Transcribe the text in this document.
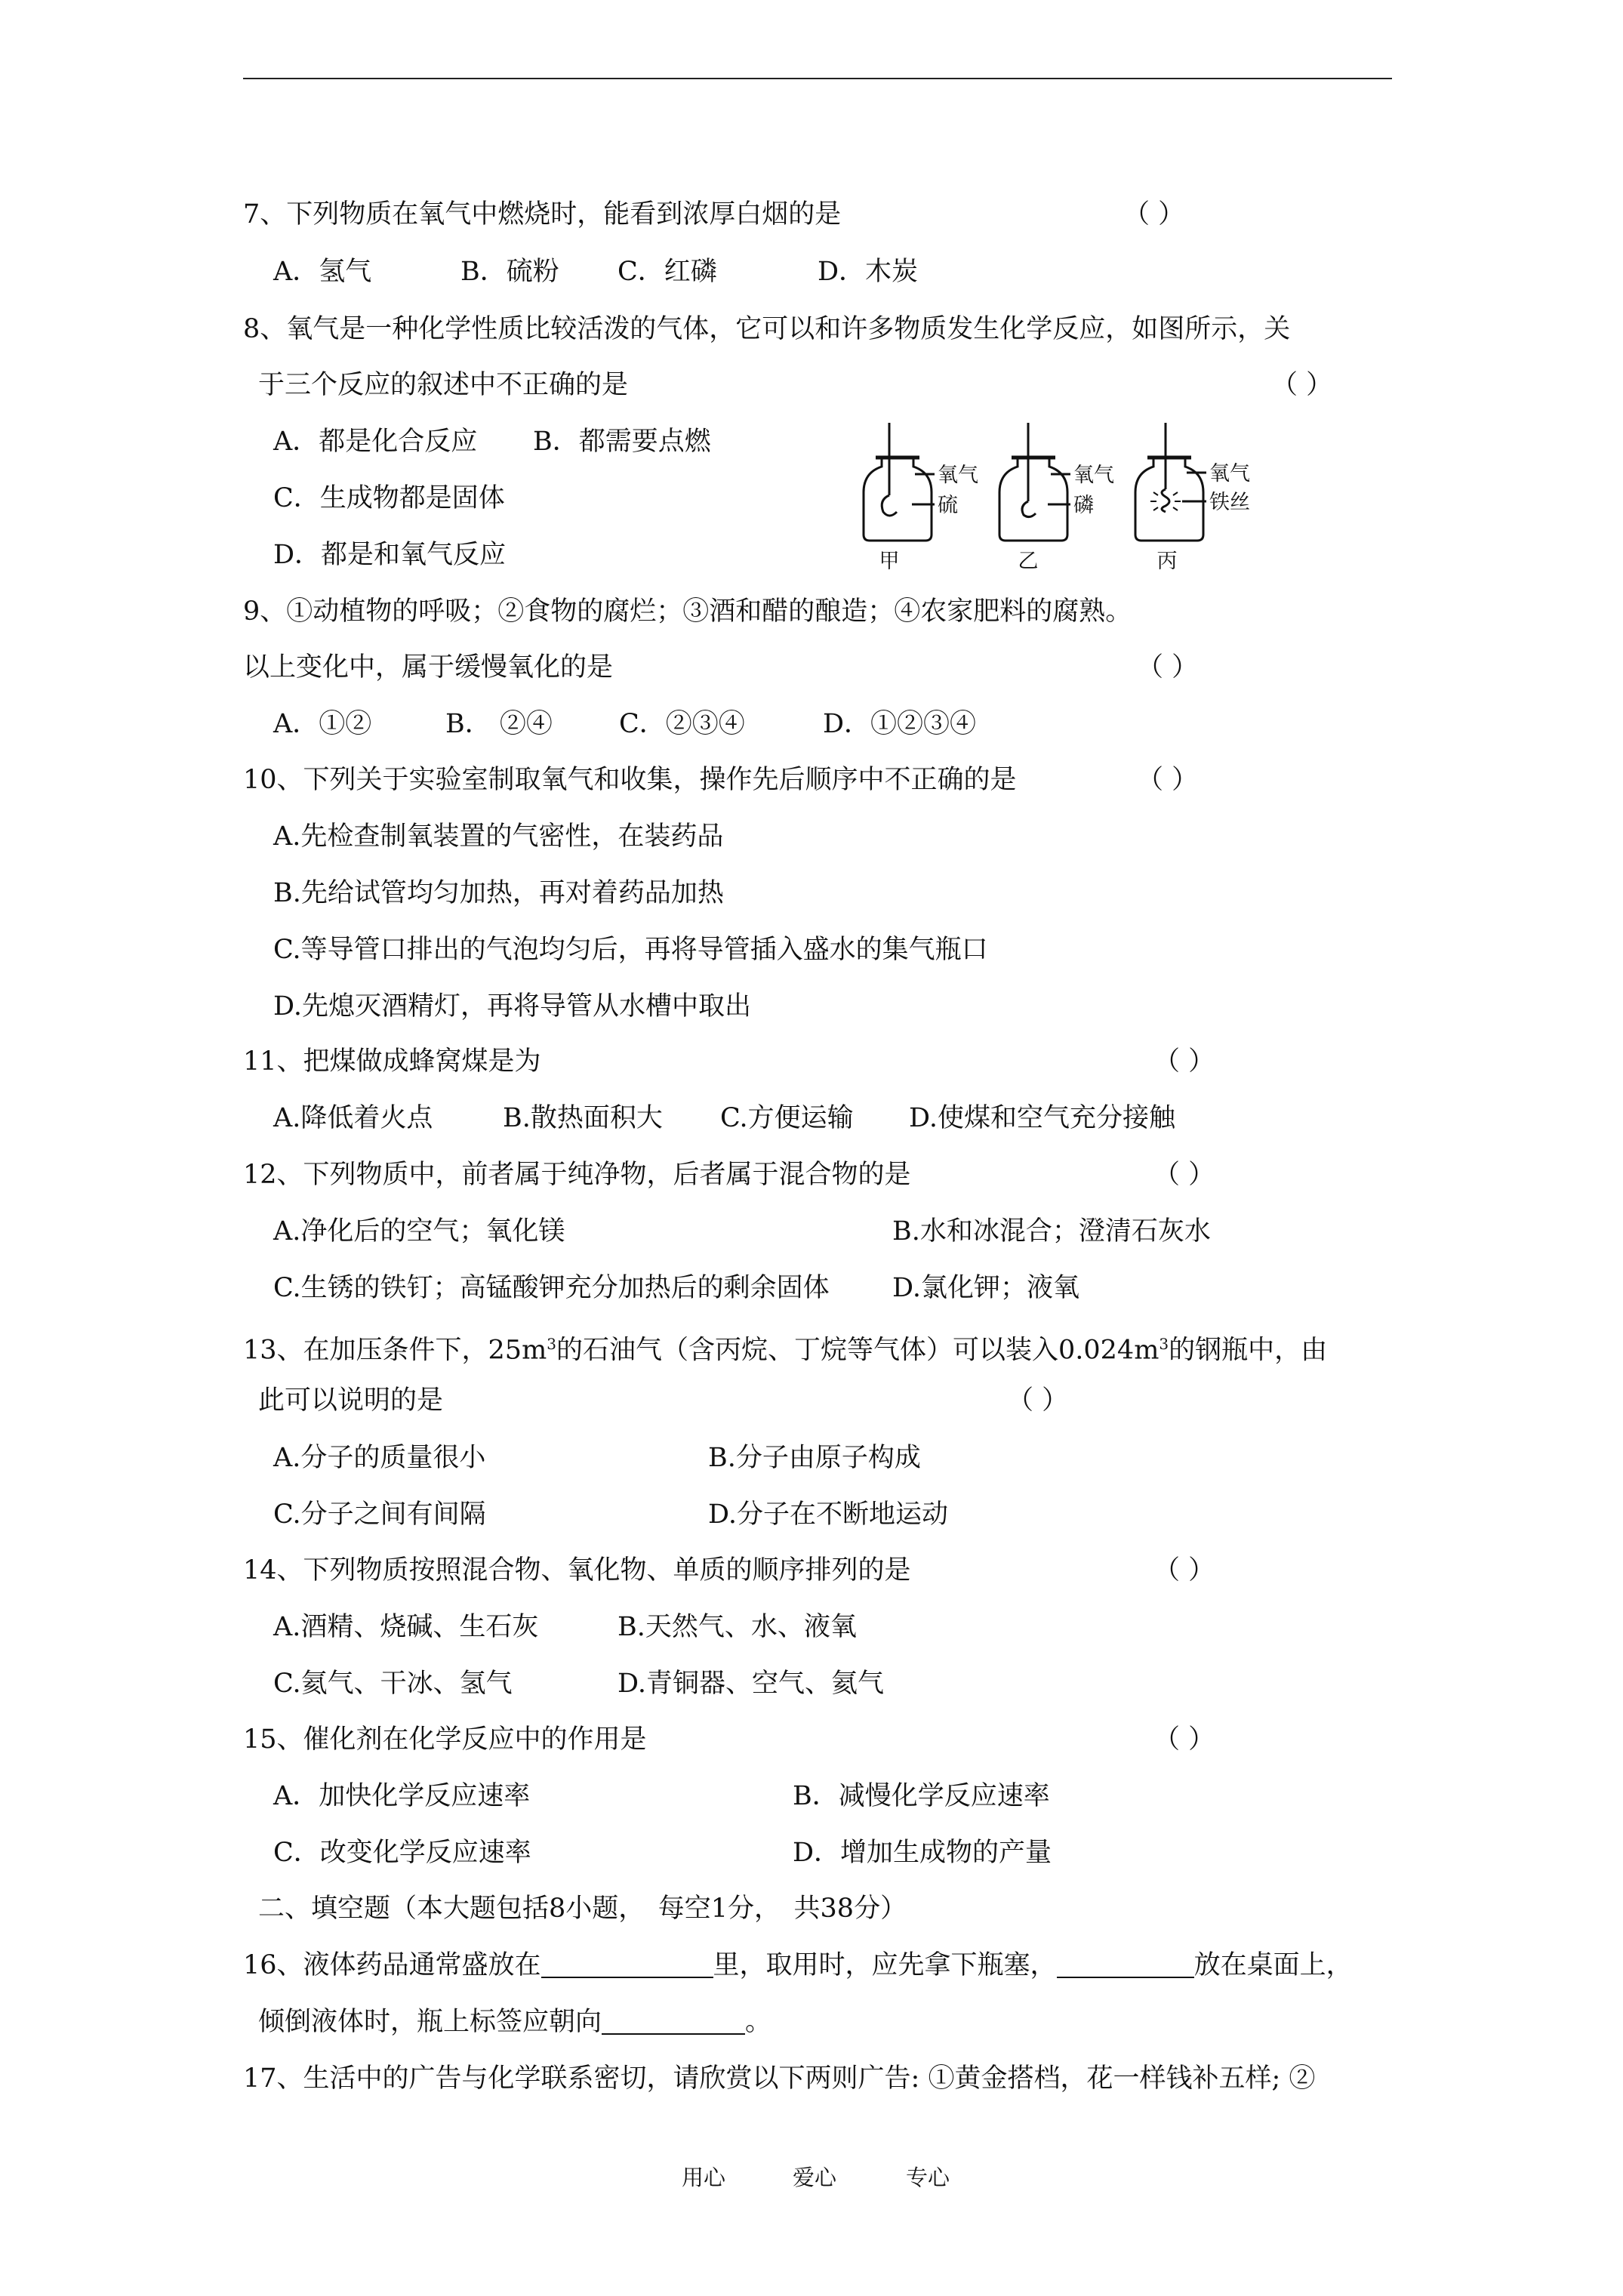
7、下列物质在氧气中燃烧时，能看到浓厚白烟的是	（ ）
A．氢气	B．硫粉 C．红磷	D．木炭
8、氧气是一种化学性质比较活泼的气体，它可以和许多物质发生化学反应，如图所示，关
于三个反应的叙述中不正确的是	（ ）
A．都是化合反应 B．都需要点燃
C．生成物都是固体
D．都是和氧气反应
氧气
硫
甲
氧气
磷
乙
氧气
铁丝
丙
9、①动植物的呼吸；②食物的腐烂；③酒和醋的酿造；④农家肥料的腐熟。
以上变化中，属于缓慢氧化的是	（ ）
A．①②	B． ②④	C．②③④	D．①②③④
10、下列关于实验室制取氧气和收集，操作先后顺序中不正确的是	（ ）
A.先检查制氧装置的气密性，在装药品
B.先给试管均匀加热，再对着药品加热
C.等导管口排出的气泡均匀后，再将导管插入盛水的集气瓶口
D.先熄灭酒精灯，再将导管从水槽中取出
11、把煤做成蜂窝煤是为	（ ）
A.降低着火点	B.散热面积大 C.方便运输 D.使煤和空气充分接触
12、下列物质中，前者属于纯净物，后者属于混合物的是	（ ）
A.净化后的空气；氧化镁	B.水和冰混合；澄清石灰水
C.生锈的铁钉；高锰酸钾充分加热后的剩余固体 D.氯化钾；液氧
13、在加压条件下，$25m^3$的石油气（含丙烷、丁烷等气体）可以装入$0.024m^3$的钢瓶中，由
此可以说明的是	（ ）
A.分子的质量很小	B.分子由原子构成
C.分子之间有间隔	D.分子在不断地运动
14、下列物质按照混合物、氧化物、单质的顺序排列的是	（ ）
A.酒精、烧碱、生石灰	B.天然气、水、液氧
C.氦气、干冰、氢气	D.青铜器、空气、氦气
15、催化剂在化学反应中的作用是	（ ）
A．加快化学反应速率	B．减慢化学反应速率
C．改变化学反应速率	D．增加生成物的产量
二、填空题（本大题包括8小题，　每空1分，　共38分）
16、液体药品通常盛放在	里，取用时，应先拿下瓶塞，	放在桌面上，
倾倒液体时，瓶上标签应朝向	。
17、生活中的广告与化学联系密切，请欣赏以下两则广告: ①黄金搭档，花一样钱补五样; ②
用心	爱心	专心
